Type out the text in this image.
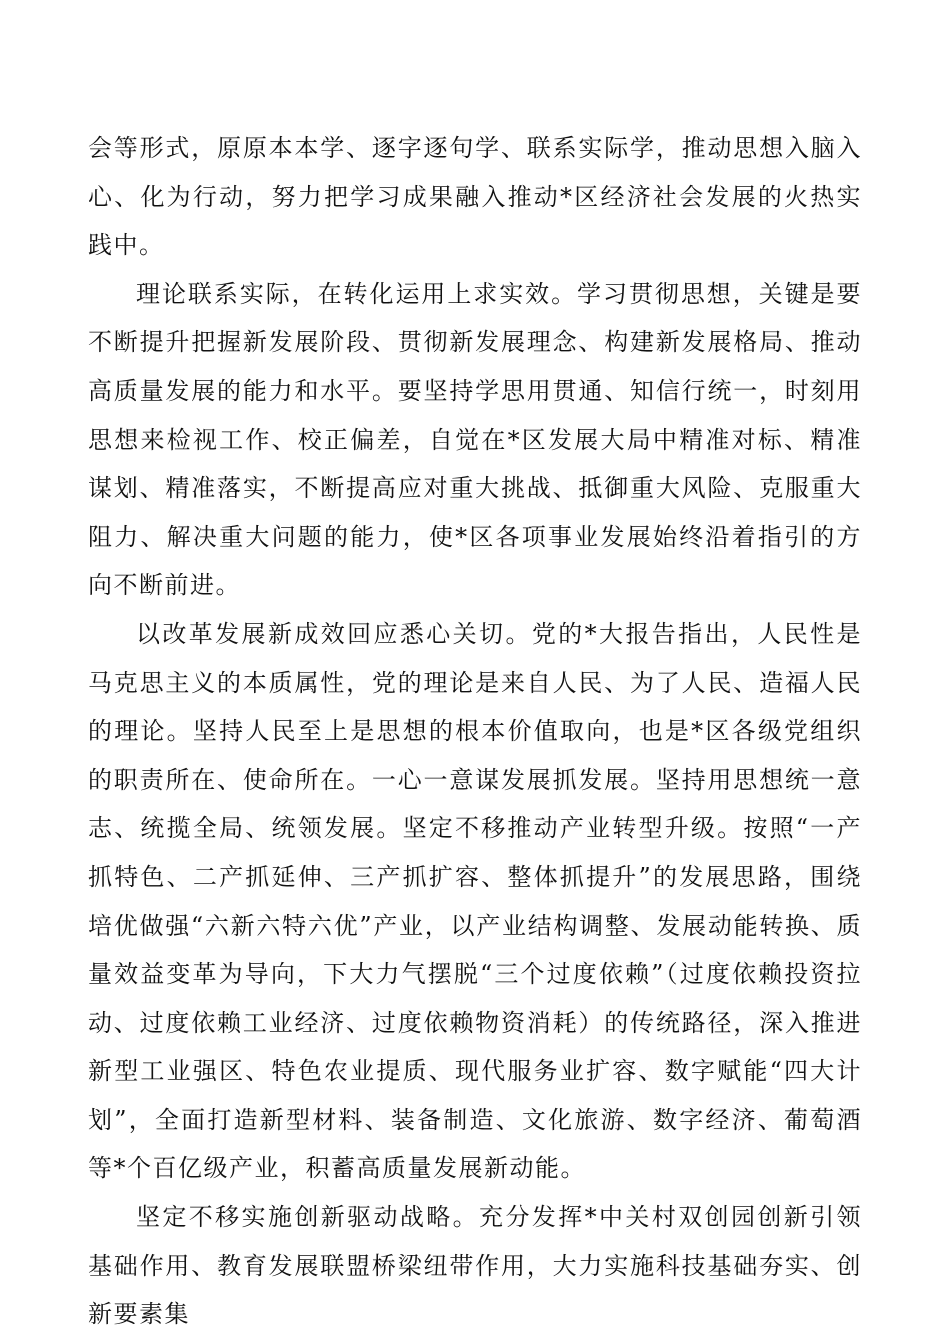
会等形式，原原本本学、逐字逐句学、联系实际学，推动思想入脑入心、化为行动，努力把学习成果融入推动*区经济社会发展的火热实践中。

理论联系实际，在转化运用上求实效。学习贯彻思想，关键是要不断提升把握新发展阶段、贯彻新发展理念、构建新发展格局、推动高质量发展的能力和水平。要坚持学思用贯通、知信行统一，时刻用思想来检视工作、校正偏差，自觉在*区发展大局中精准对标、精准谋划、精准落实，不断提高应对重大挑战、抵御重大风险、克服重大阻力、解决重大问题的能力，使*区各项事业发展始终沿着指引的方向不断前进。

以改革发展新成效回应悉心关切。党的*大报告指出，人民性是马克思主义的本质属性，党的理论是来自人民、为了人民、造福人民的理论。坚持人民至上是思想的根本价值取向，也是*区各级党组织的职责所在、使命所在。一心一意谋发展抓发展。坚持用思想统一意志、统揽全局、统领发展。坚定不移推动产业转型升级。按照“一产抓特色、二产抓延伸、三产抓扩容、整体抓提升”的发展思路，围绕培优做强“六新六特六优”产业，以产业结构调整、发展动能转换、质量效益变革为导向，下大力气摆脱“三个过度依赖”（过度依赖投资拉动、过度依赖工业经济、过度依赖物资消耗）的传统路径，深入推进新型工业强区、特色农业提质、现代服务业扩容、数字赋能“四大计划”，全面打造新型材料、装备制造、文化旅游、数字经济、葡萄酒等*个百亿级产业，积蓄高质量发展新动能。

坚定不移实施创新驱动战略。充分发挥*中关村双创园创新引领基础作用、教育发展联盟桥梁纽带作用，大力实施科技基础夯实、创新要素集
